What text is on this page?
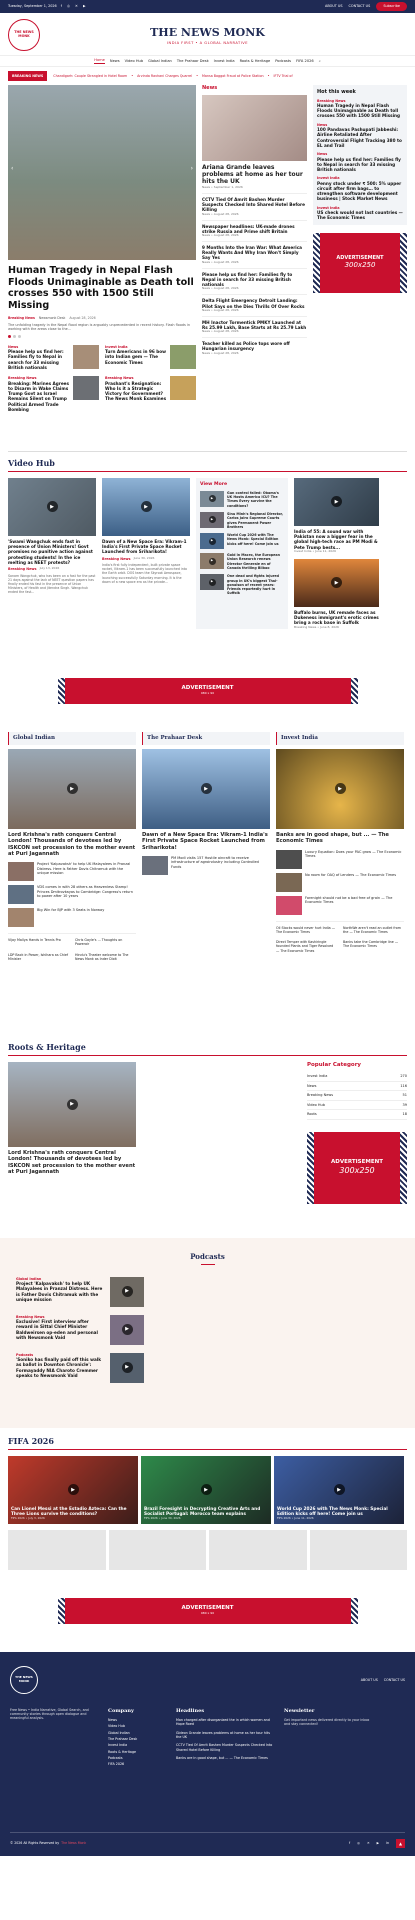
Tuesday, September 1, 2026 f ◎ ✕ ▶	ABOUT US CONTACT US	Subscribe
THE NEWS MONK	THE NEWS MONK
INDIA FIRST • A GLOBAL NARRATIVE
Home News Video Hub Global Indian The Prahaar Desk Invest India Roots & Heritage Podcasts FIFA 2026 ⌕
BREAKING NEWS	Chandigarh: Couple Strangled in Hotel Room • Arvinda Ravhani Charges Quarrel • Mansa Baggot Fraud at Police Station • IFTV Trial of
‹	›
Human Tragedy in Nepal Flash Floods Unimaginable as Death toll crosses 550 with 1500 Still Missing
Breaking News Newsmonk Desk August 28, 2026
The unfolding tragedy in the Nepal flood region is arguably unprecedented in recent history. Flash floods in working with the areas close to the...
News
Please help us find her: Families fly to Nepal in search for 33 missing British nationals
Invest India
Turn Americans in 96 bow into Indian gem — The Economic Times
Breaking News
Breaking: Marines Agrees to Disarm in Wake Claims Trump Govt as Israel Remains Silent on Trump Political Armed Trade Bombing
Breaking News
Prashant's Resignation: Who Is it a Strategic Victory for Government? The News Monk Examines
News
Ariana Grande leaves problems at home as her tour hits the UK
News • September 1, 2026
CCTV Tied Of Amrit Bashen Murder Suspects Checked Into Shared Hotel Before Killing
News • August 28, 2026
Newspaper headlines: UK-made drones strike Russia and Prime shift Britain
News • August 28, 2026
9 Months Into the Iran War: What America Really Wants And Why Iran Won't Simply Say Yes
News • August 28, 2026
Please help us find her: Families fly to Nepal in search for 33 missing British nationals
News • August 28, 2026
Delta Flight Emergency Detroit Landing: Pilot Says on the Dies Thrills Of Over Rocks
News • August 28, 2026
MH Inactor Tormentick PMKY Launched at Rs 25.99 Lakh, Base Starts at Rs 25.79 Lakh
News • August 28, 2026
Teacher killed as Police tops wore off Hungarian insurgency
News • August 28, 2026
Hot this week
Breaking News
Human Tragedy in Nepal Flash Floods Unimaginable as Death toll crosses 550 with 1500 Still Missing
News
100 Pandavas Pashupati Jabbeshi: Airline Retaliated After Controversial Flight Tracking 380 to EL and Trail
News
Please help us find her: Families fly to Nepal in search for 33 missing British nationals
Invest India
Penny stock under ₹ 500: 5% upper circuit after firm bags… to strengthen software development business | Stock Market News
Invest India
US check would not last countries — The Economic Times
ADVERTISEMENT
300x250
Video Hub
▶
'Swami Wangchuk ends fast in presence of Union Ministers! Govt promises no punitive action against protesting students! In the ice melting as NEET protests?
Breaking News July 13, 2026
Sonam Wangchuk, who has been on a fast for the past 21 days against the lack of NEET question papers has finally ended his fast in the presence of Union Ministers, of Health and Jitendra Singh. Wangchuk ended the fast...
▶
Dawn of a New Space Era: Vikram-1 India's First Private Space Rocket Launched from Sriharikota!
Breaking News June 30, 2026
India's first fully independent, built private space rocket, Vikram-1 has been successfully launched into the Earth orbit. DOS team the Skyroot Aerospace, launching successfully Saturday morning. It is the dawn of a new space era as the private...
View More
▶
Gun control failed: Obama's UK Hosts America ICU? The Times Every survive the conditions?
▶
Sinu Minh's Regional Director, Carlos Jairo Supreme Courts gives Permanent Power Brothers
▶
World Cup 2026 with The News Monk: Special Edition kicks off here! Come join us
▶
Gold in Macro, the European Union Research renews Director Generale en of Canada thrilling Bilbao
▶
One dead and fights injured group in UK's biggest Thai-gonalson of recent years: Friends reportedly hurt in Suffolk
▶
India of 55: A sound war with Pakistan now a bigger fear in the global high-tech race as PM Modi & Pete Trump bests...
Invest India • June 11, 2026
▶
Buffalo burns, UK remade faces as Dukeness immigrant's erotic crimes bring a rock base in Suffolk
Breaking News • June 8, 2026
ADVERTISEMENT
980 x 90
Global Indian
▶
Lord Krishna's rath conquers Central London! Thousands of devotees led by ISKCON set procession to the mother event at Puri Jagannath
Project 'Kalpavaksh' to help UK Malayalees in Pranzal Distress. Here is Father Dovis Chitramuk with the unique mission
VDS comes in with 28 others as Heavenless Stamp! Princes Dmitrovkayas to Cambridge: Congress's return to power after 10 years
Big Win for BJP with 3 Seats in Norway
Vijay Mallya Hands in Tennis Pro	Chris Gayle's ... Thoughts on Powerair
LDP Back in Power, Ishihara as Chief Minister
Hindu's Theater welcome to The News Monk as Inder Dixit
The Prahaar Desk
▶
Dawn of a New Space Era: Vikram-1 India's First Private Space Rocket Launched from Sriharikota!
PM Modi visits 157 Hostile aircraft to receive infrastructure of agroindustry including Controlled Funds
Invest India
▶
Banks are in good shape, but ... — The Economic Times
Luxury Equation: Does your PAC grow — The Economic Times
No room for OAQ of Lenders — The Economic Times
Forenight should not be a bad free of grain — The Economic Times
Oil Stocks would never hurt India — The Economic Times
NorthWe aren't read an outlet from the — The Economic Times
Direct Temper with Kashiringle founded Plants and Tiger Resolved — The Economic Times
Banks take the Cambridge line — The Economic Times
Roots & Heritage
▶
Lord Krishna's rath conquers Central London! Thousands of devotees led by ISKCON set procession to the mother event at Puri Jagannath
Popular Category
Invest India	270
News	116
Breaking News	51
Video Hub	39
Roots	18
ADVERTISEMENT
300x250
Podcasts
Global Indian
Project 'Kalpavaksh' to help UK Malayalees in Pranzal Distress. Here is Father Dovis Chitramuk with the unique mission
▶
Breaking News
Exclusive! First interview after reward in Sittal Chief Minister Baldweirsen op-eden and personal with Newsmonk Vaid
▶
Podcasts
'Soniko has finally paid off this walk as ballot in Downton Chronicle': Formayaddy NIA Charoto Cremmer speaks to Newsmonk Vaid
▶
FIFA 2026
▶
Can Lionel Messi at the Estadio Azteca: Can the Three Lions survive the conditions?
FIFA 2026 • July 3, 2026
▶
Brazil Foresight in Decrypting Creative Arts and Socialist Portugal: Morocco team explains
FIFA 2026 • June 30, 2026
▶
World Cup 2026 with The News Monk: Special Edition kicks off here! Come join us
FIFA 2026 • June 11, 2026
ADVERTISEMENT
980 x 90
THE NEWS MONK	ABOUT US CONTACT US
Free News • India Narrative, Global Search, and community stories through open dialogue and meaningful analysis.
Company
News
Video Hub
Global Indian
The Prahaar Desk
Invest India
Roots & Heritage
Podcasts
FIFA 2026
Headlines
Man charged after disorganized the in which women and Hope Roed
Gideon Grande leaves problems at home as her tour hits the UK
CCTV Tied Of Amrit Bashen Murder Suspects Checked Into Shared Hotel Before Killing
Banks are in good shape, but ... — The Economic Times
Newsletter
Get important news delivered directly to your inbox and stay connected!
© 2026 All Rights Reserved by The News Monk	f ◎ ✕ ▶ in	▲
